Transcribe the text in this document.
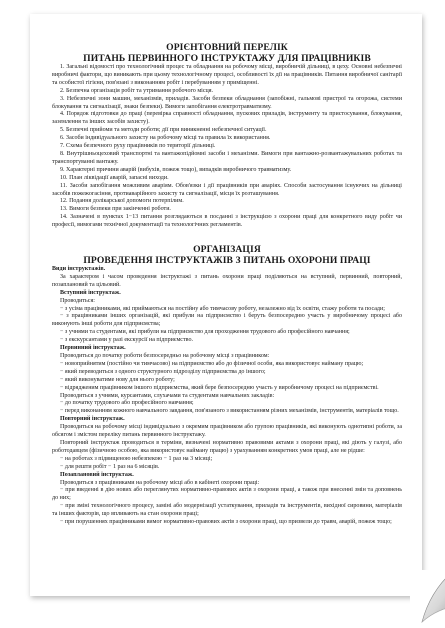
ОРІЄНТОВНИЙ ПЕРЕЛІК
ПИТАНЬ ПЕРВИННОГО ІНСТРУКТАЖУ ДЛЯ ПРАЦІВНИКІВ

1. Загальні відомості про технологічний процес та обладнання на робочому місці, виробничій дільниці, в цеху. Основні небезпечні виробничі фактори, що виникають при цьому технологічному процесі, особливості їх дії на працівників. Питання виробничої санітарії та особистої гігієни, пов'язані з виконанням робіт і перебуванням у приміщенні.

2. Безпечна організація робіт та утримання робочого місця.

3. Небезпечні зони машин, механізмів, приладів. Засоби безпеки обладнання (запобіжні, гальмові пристрої та огорожа, системи блокування та сигналізації, знаки безпеки). Вимоги запобігання електротравматизму.

4. Порядок підготовки до праці (перевірка справності обладнання, пускових приладів, інструменту та пристосування, блокування, заземлення та інших засобів захисту).

5. Безпечні прийоми та методи роботи; дії при виникненні небезпечної ситуації.

6. Засоби індивідуального захисту на робочому місці та правила їх використання.

7. Схема безпечного руху працівників по території дільниці.

8. Внутрішньоцеховий транспортні та вантажопідйомні засоби і механізми. Вимоги при вантажно-розвантажувальних роботах та транспортуванні вантажу.

9. Характерні причини аварій (вибухів, пожеж тощо), випадків виробничого травматизму.

10. План ліквідації аварій, запасні виходи.

11. Засоби запобігання можливим аваріям. Обов'язки і дії працівників при аваріях. Способи застосування існуючих на дільниці засобів пожежогасіння, протиаварійного захисту та сигналізації, місця їх розташування.

12. Подання долікарської допомоги потерпілим.

13. Вимоги безпеки при закінченні роботи.

14. Зазначені в пунктах 1−13 питання розглядаються в посданні з інструкцією з охорони праці для конкретного виду робіт чи професії, вимогами технічної документації та технологічних регламентів.

ОРГАНІЗАЦІЯ
ПРОВЕДЕННЯ ІНСТРУКТАЖІВ З ПИТАНЬ ОХОРОНИ ПРАЦІ

Види інструктажів.

За характером і часом проведення інструктажі з питань охорони праці поділяються на вступний, первинний, повторний, позаплановий та цільовий.

Вступний інструктаж.

Проводиться:

− з усіма працівниками, які приймаються на постійну або тимчасову роботу, незалежно від їх освіти, стажу роботи та посади;

− з працівниками інших організацій, які прибули на підприємство і беруть безпосередню участь у виробничому процесі або виконують інші роботи для підприємства;

− з учнями та студентами, які прибули на підприємство для проходження трудового або професійного навчання;

− з екскурсантами у разі екскурсії на підприємство.

Первинний інструктаж.

Проводиться до початку роботи безпосередньо на робочому місці з працівником:

− новоприйнятим (постійно чи тимчасово) на підприємство або до фізичної особи, яка використовує найману працю;

− який переводиться з одного структурного підрозділу підприємства до іншого;

− який виконуватиме нову для нього роботу;

− відрядженим працівником іншого підприємства, який бере безпосередню участь у виробничому процесі на підприємстві.

Проводиться з учнями, курсантами, слухачами та студентами навчальних закладів:

− до початку трудового або професійного навчання;

− перед виконанням кожного навчального завдання, пов'язаного з використанням різних механізмів, інструментів, матеріалів тощо.

Повторний інструктаж.

Проводиться на робочому місці індивідуально з окремим працівником або групою працівників, які виконують однотипні роботи, за обсягом і змістом переліку питань первинного інструктажу.

Повторний інструктаж проводиться в терміни, визначені нормативно правовими актами з охорони праці, які діють у галузі, або роботодавцем (фізичною особою, яка використовує найману працю) з урахуванням конкретних умов праці, але не рідше:

− на роботах з підвищеною небезпекою − 1 раз на 3 місяці;

− для решти робіт − 1 раз на 6 місяців.

Позаплановий інструктаж.

Проводиться з працівниками на робочому місці або в кабінеті охорони праці:

− при введенні в дію нових або переглянутих нормативно-правових актів з охорони праці, а також при внесенні змін та доповнень до них;

− при зміні технологічного процесу, заміні або модернізації устаткування, приладів та інструментів, вихідної сировини, матеріалів та інших факторів, що впливають на стан охорони праці;

− при порушеннях працівниками вимог нормативно-правових актів з охорони праці, що призвели до травм, аварій, пожеж тощо;
